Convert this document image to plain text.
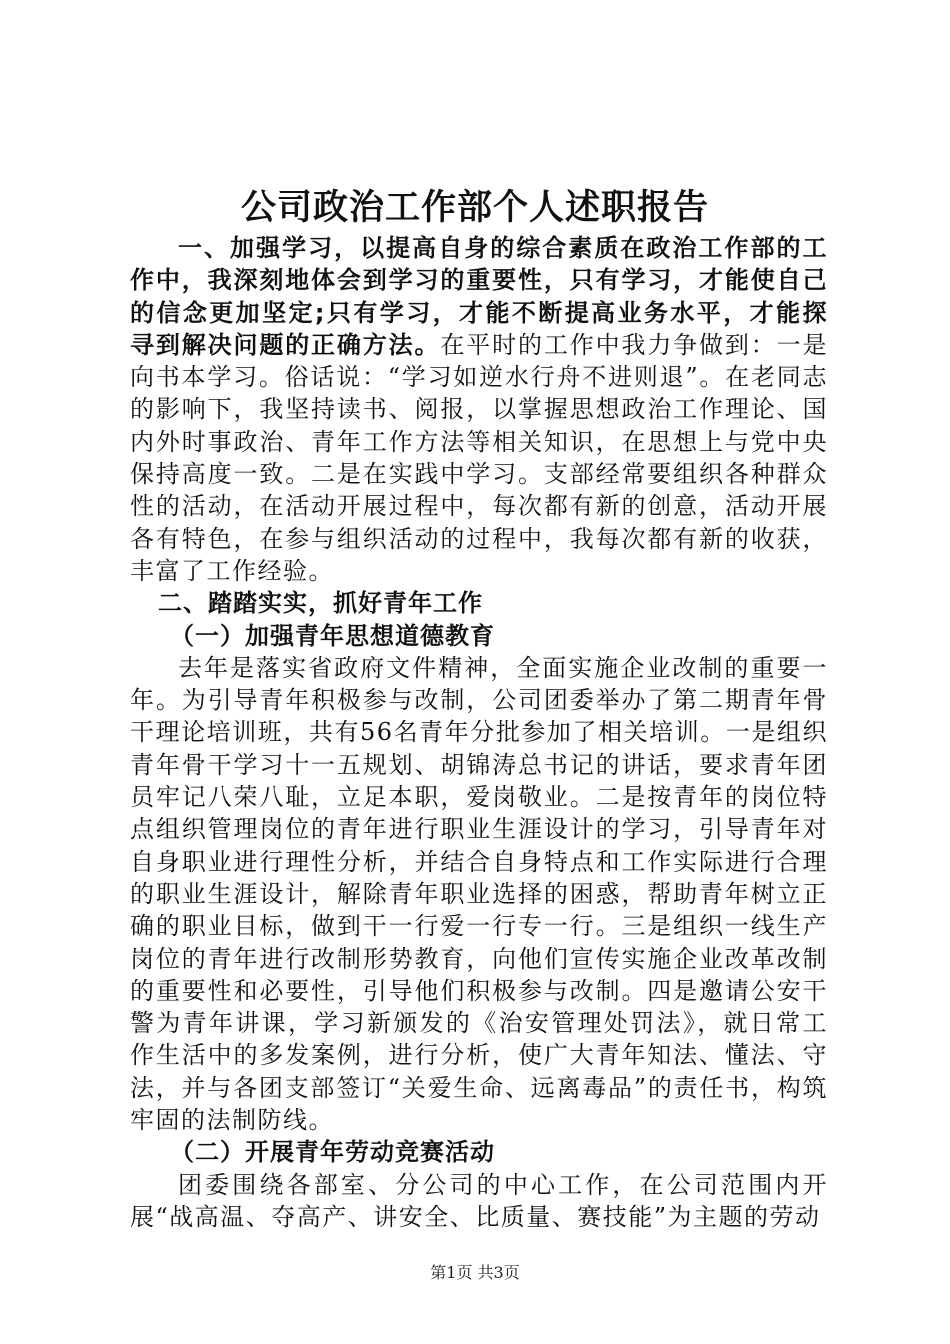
公司政治工作部个人述职报告

一、加强学习，以提高自身的综合素质在政治工作部的工作中，我深刻地体会到学习的重要性，只有学习，才能使自己的信念更加坚定;只有学习，才能不断提高业务水平，才能探寻到解决问题的正确方法。在平时的工作中我力争做到：一是向书本学习。俗话说：“学习如逆水行舟不进则退”。在老同志的影响下，我坚持读书、阅报，以掌握思想政治工作理论、国内外时事政治、青年工作方法等相关知识，在思想上与党中央保持高度一致。二是在实践中学习。支部经常要组织各种群众性的活动，在活动开展过程中，每次都有新的创意，活动开展各有特色，在参与组织活动的过程中，我每次都有新的收获，丰富了工作经验。

二、踏踏实实，抓好青年工作

（一）加强青年思想道德教育

去年是落实省政府文件精神，全面实施企业改制的重要一年。为引导青年积极参与改制，公司团委举办了第二期青年骨干理论培训班，共有56名青年分批参加了相关培训。一是组织青年骨干学习十一五规划、胡锦涛总书记的讲话，要求青年团员牢记八荣八耻，立足本职，爱岗敬业。二是按青年的岗位特点组织管理岗位的青年进行职业生涯设计的学习，引导青年对自身职业进行理性分析，并结合自身特点和工作实际进行合理的职业生涯设计，解除青年职业选择的困惑，帮助青年树立正确的职业目标，做到干一行爱一行专一行。三是组织一线生产岗位的青年进行改制形势教育，向他们宣传实施企业改革改制的重要性和必要性，引导他们积极参与改制。四是邀请公安干警为青年讲课，学习新颁发的《治安管理处罚法》，就日常工作生活中的多发案例，进行分析，使广大青年知法、懂法、守法，并与各团支部签订“关爱生命、远离毒品”的责任书，构筑牢固的法制防线。

（二）开展青年劳动竞赛活动

团委围绕各部室、分公司的中心工作，在公司范围内开展“战高温、夺高产、讲安全、比质量、赛技能”为主题的劳动

第1页 共3页
